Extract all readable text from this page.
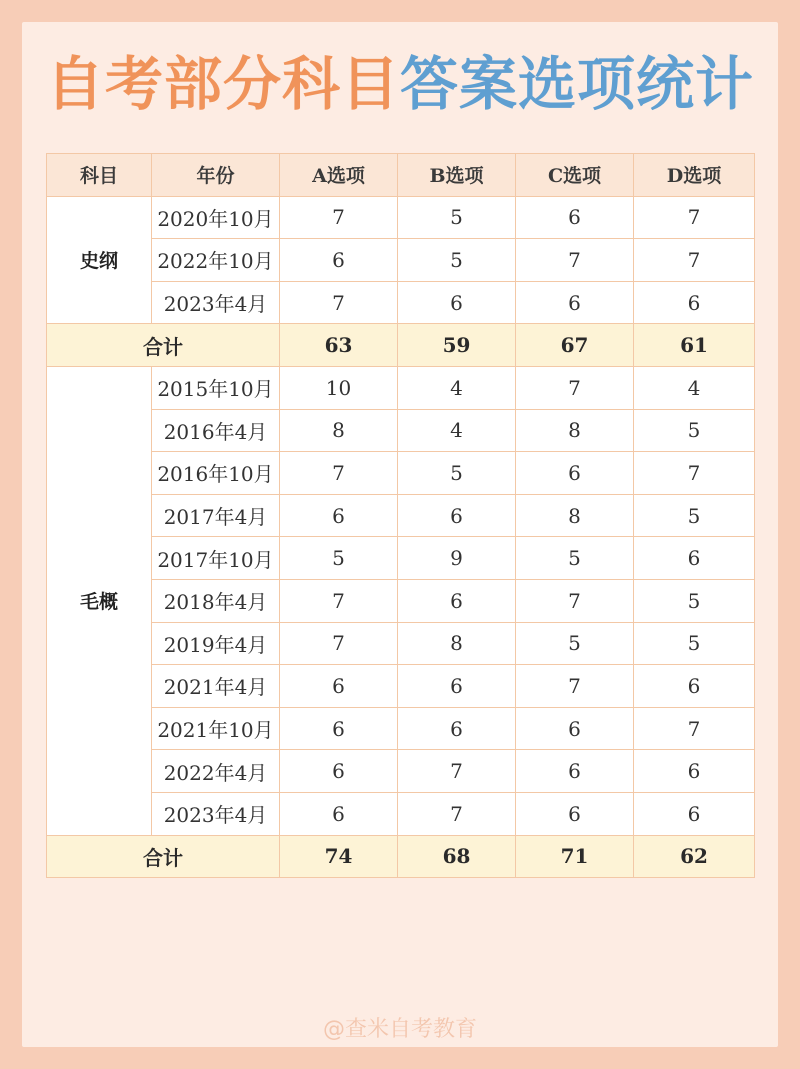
自考部分科目答案选项统计
科目	年份	A选项	B选项	C选项	D选项
史纲	2020年10月	7	5	6	7
	2022年10月	6	5	7	7
	2023年4月	7	6	6	6
合计		63	59	67	61
毛概	2015年10月	10	4	7	4
	2016年4月	8	4	8	5
	2016年10月	7	5	6	7
	2017年4月	6	6	8	5
	2017年10月	5	9	5	6
	2018年4月	7	6	7	5
	2019年4月	7	8	5	5
	2021年4月	6	6	7	6
	2021年10月	6	6	6	7
	2022年4月	6	7	6	6
	2023年4月	6	7	6	6
合计		74	68	71	62
@查米自考教育
